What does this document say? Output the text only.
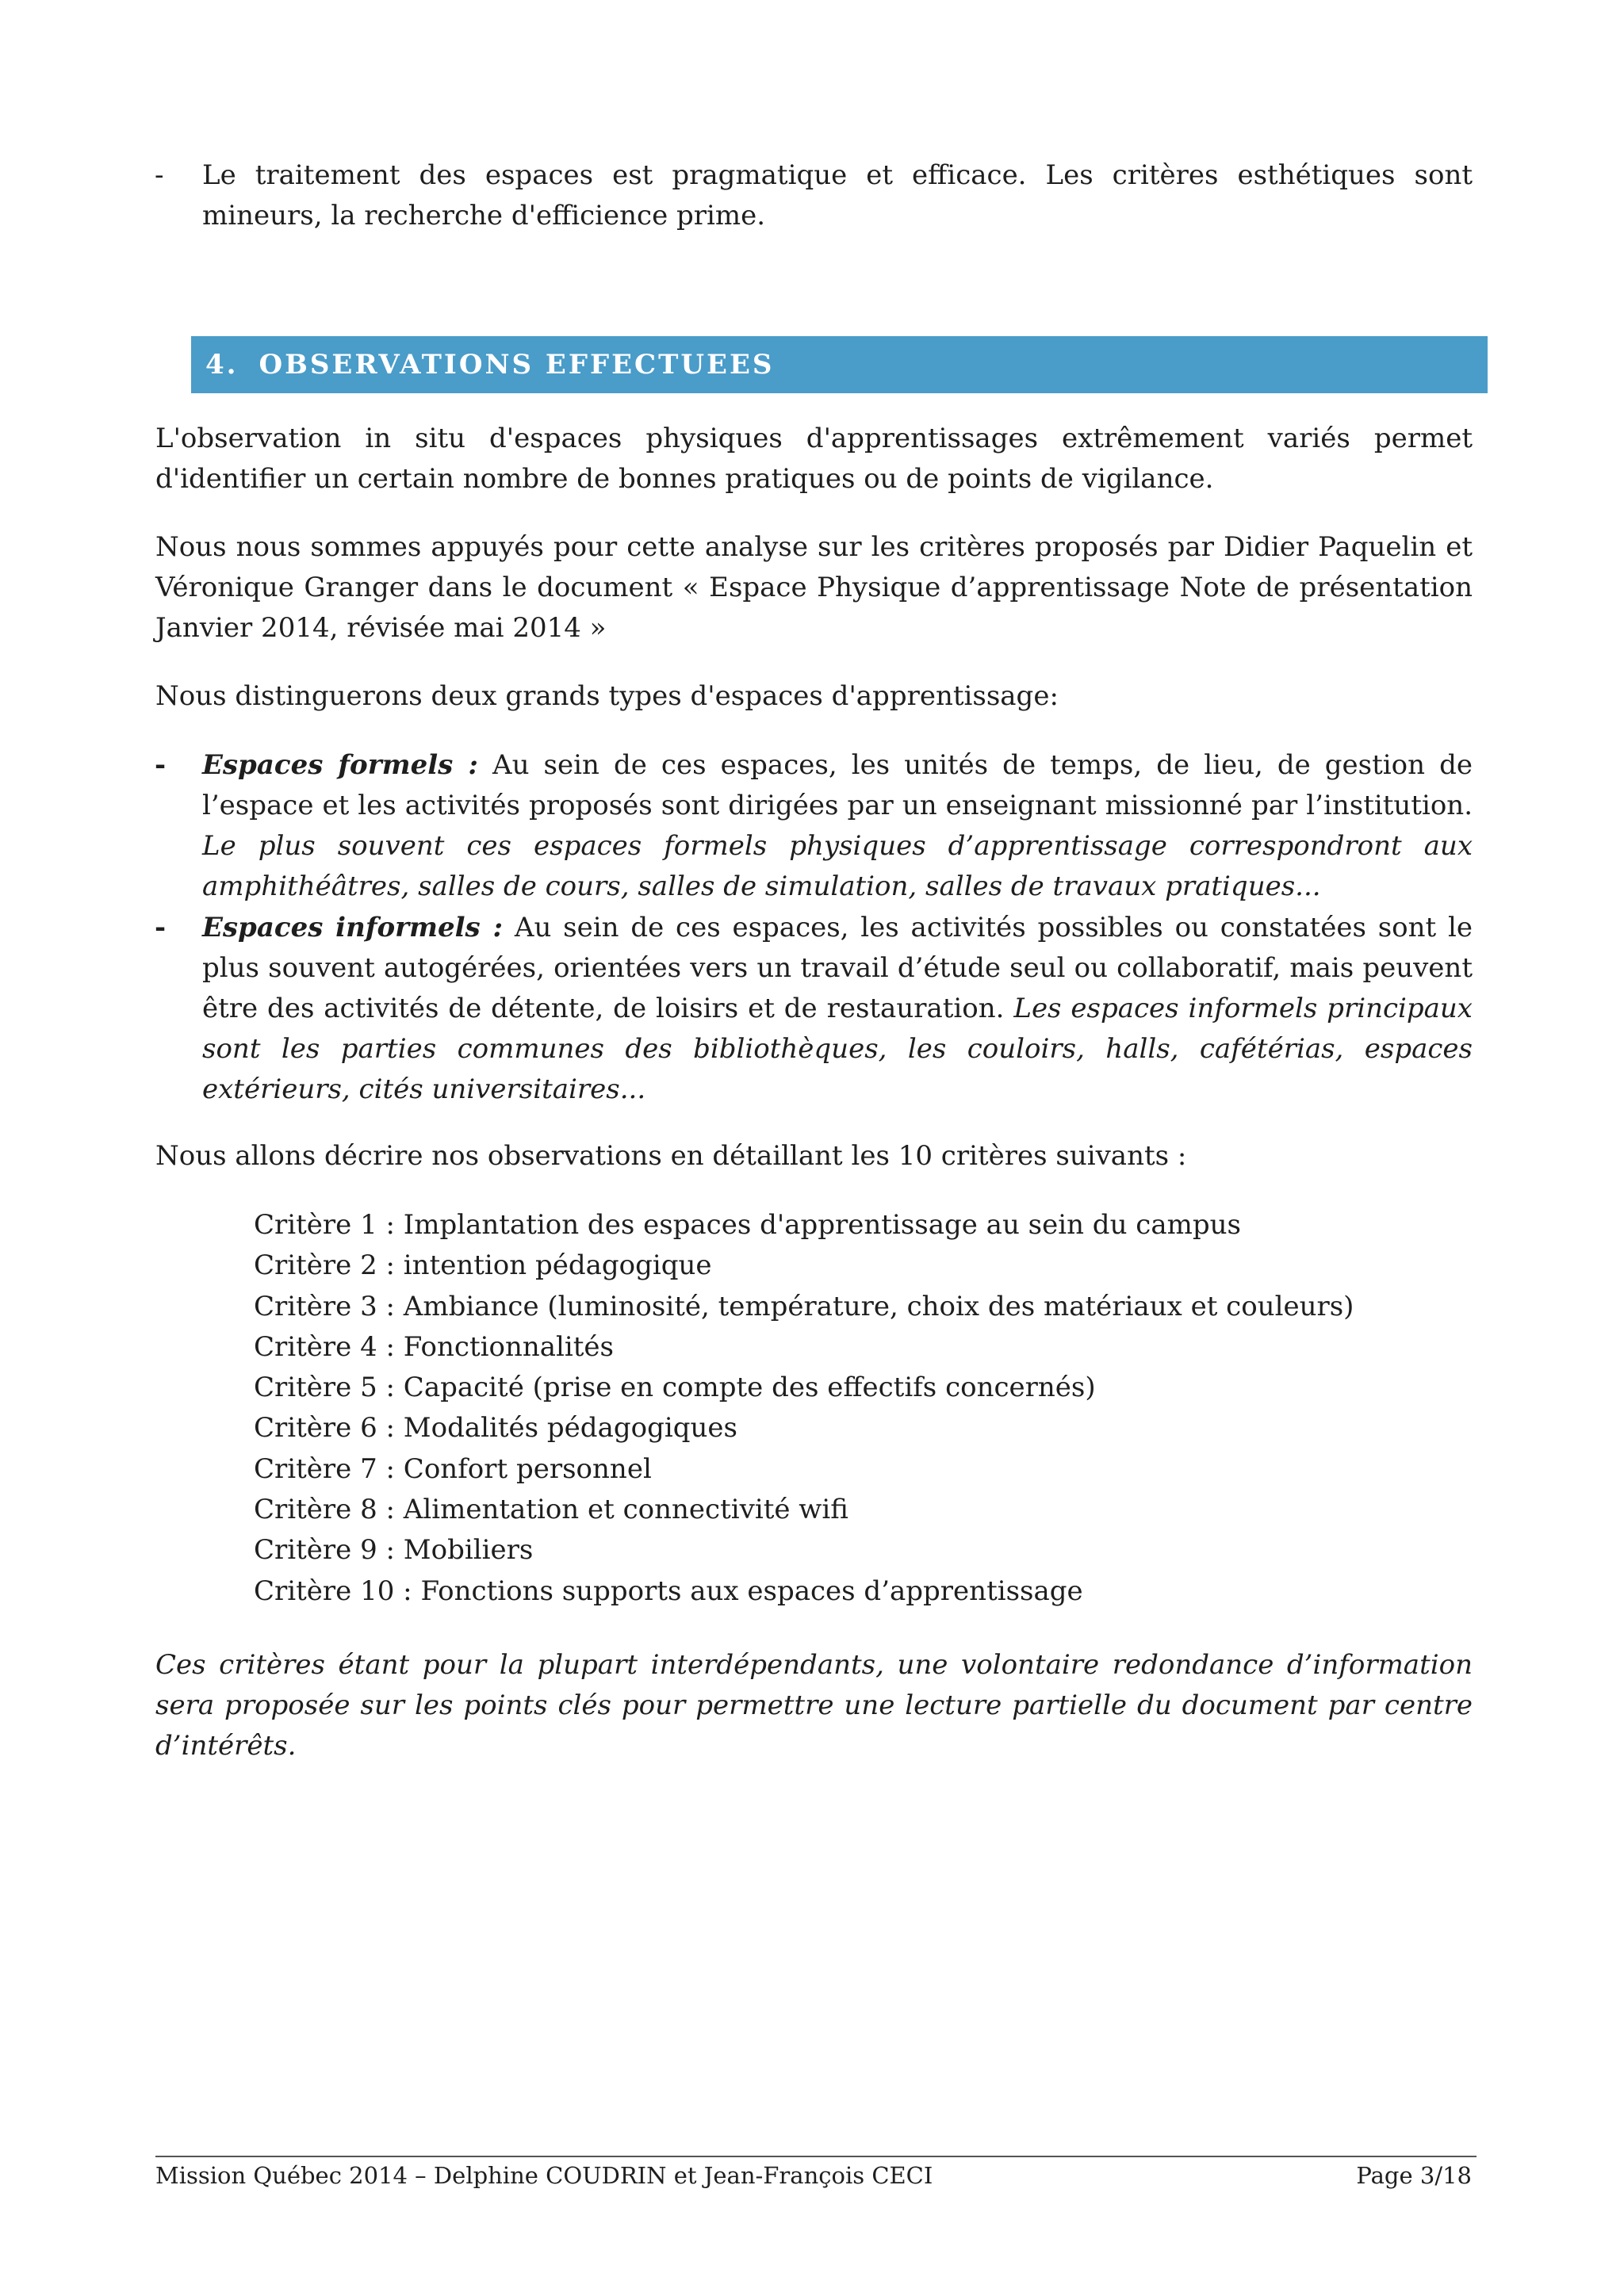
-	Le traitement des espaces est pragmatique et efficace. Les critères esthétiques sont mineurs, la recherche d'efficience prime.
4. OBSERVATIONS EFFECTUEES

L'observation in situ d'espaces physiques d'apprentissages extrêmement variés permet d'identifier un certain nombre de bonnes pratiques ou de points de vigilance.

Nous nous sommes appuyés pour cette analyse sur les critères proposés par Didier Paquelin et Véronique Granger dans le document « Espace Physique d’apprentissage Note de présentation Janvier 2014, révisée mai 2014 »

Nous distinguerons deux grands types d'espaces d'apprentissage:

-	Espaces formels : Au sein de ces espaces, les unités de temps, de lieu, de gestion de l’espace et les activités proposés sont dirigées par un enseignant missionné par l’institution. Le plus souvent ces espaces formels physiques d’apprentissage correspondront aux amphithéâtres, salles de cours, salles de simulation, salles de travaux pratiques...
-	Espaces informels : Au sein de ces espaces, les activités possibles ou constatées sont le plus souvent autogérées, orientées vers un travail d’étude seul ou collaboratif, mais peuvent être des activités de détente, de loisirs et de restauration. Les espaces informels principaux sont les parties communes des bibliothèques, les couloirs, halls, cafétérias, espaces extérieurs, cités universitaires...

Nous allons décrire nos observations en détaillant les 10 critères suivants :

Critère 1 : Implantation des espaces d'apprentissage au sein du campus
Critère 2 : intention pédagogique
Critère 3 : Ambiance (luminosité, température, choix des matériaux et couleurs)
Critère 4 : Fonctionnalités
Critère 5 : Capacité (prise en compte des effectifs concernés)
Critère 6 : Modalités pédagogiques
Critère 7 : Confort personnel
Critère 8 : Alimentation et connectivité wifi
Critère 9 : Mobiliers
Critère 10 : Fonctions supports aux espaces d’apprentissage

Ces critères étant pour la plupart interdépendants, une volontaire redondance d’information sera proposée sur les points clés pour permettre une lecture partielle du document par centre d’intérêts.

Mission Québec 2014 – Delphine COUDRIN et Jean-François CECI	Page 3/18
